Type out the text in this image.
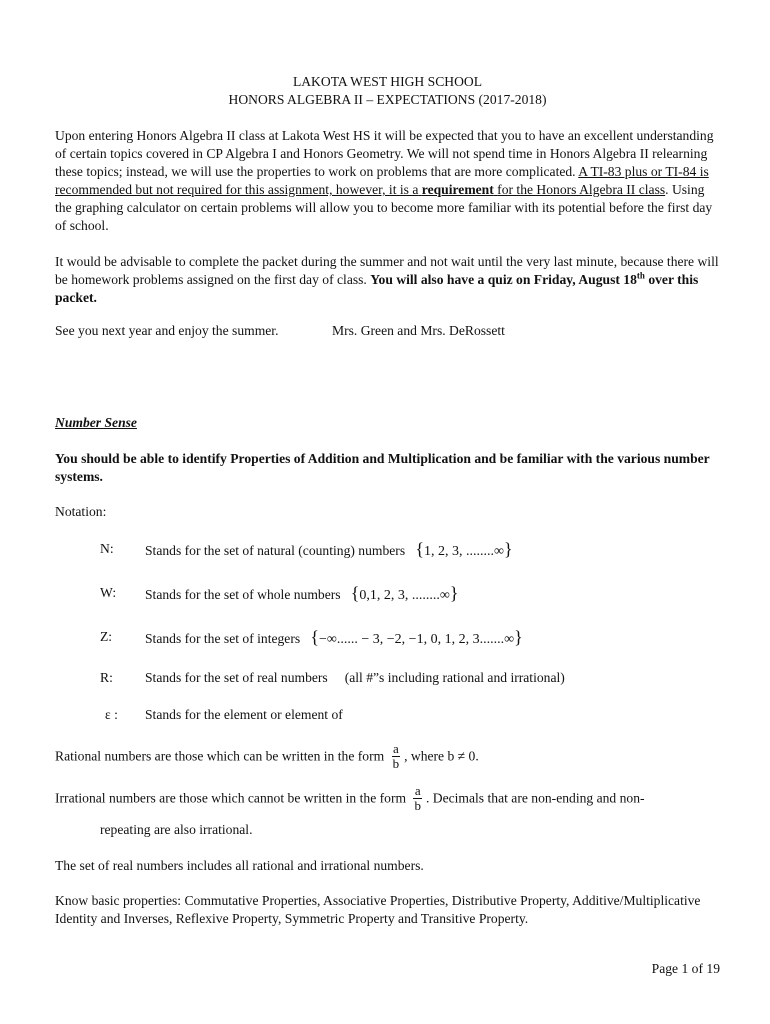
LAKOTA WEST HIGH SCHOOL
HONORS ALGEBRA II – EXPECTATIONS (2017-2018)

Upon entering Honors Algebra II class at Lakota West HS it will be expected that you to have an excellent understanding of certain topics covered in CP Algebra I and Honors Geometry. We will not spend time in Honors Algebra II relearning these topics; instead, we will use the properties to work on problems that are more complicated. A TI-83 plus or TI-84 is recommended but not required for this assignment, however, it is a requirement for the Honors Algebra II class. Using the graphing calculator on certain problems will allow you to become more familiar with its potential before the first day of school.

It would be advisable to complete the packet during the summer and not wait until the very last minute, because there will be homework problems assigned on the first day of class. You will also have a quiz on Friday, August 18th over this packet.

See you next year and enjoy the summer.	Mrs. Green and Mrs. DeRossett
Number Sense

You should be able to identify Properties of Addition and Multiplication and be familiar with the various number systems.

Notation:
N: Stands for the set of natural (counting) numbers {1, 2, 3, ........∞}
W: Stands for the set of whole numbers {0,1, 2, 3, ........∞}
Z: Stands for the set of integers {−∞...... − 3, −2, −1, 0, 1, 2, 3.......∞}
R: Stands for the set of real numbers (all #”s including rational and irrational)
ε : Stands for the element or element of
Rational numbers are those which can be written in the form $\frac{a}{b}$ , where b ≠ 0.
Irrational numbers are those which cannot be written in the form $\frac{a}{b}$ . Decimals that are non-ending and non-
repeating are also irrational.

The set of real numbers includes all rational and irrational numbers.

Know basic properties: Commutative Properties, Associative Properties, Distributive Property, Additive/Multiplicative Identity and Inverses, Reflexive Property, Symmetric Property and Transitive Property.

Page 1 of 19
